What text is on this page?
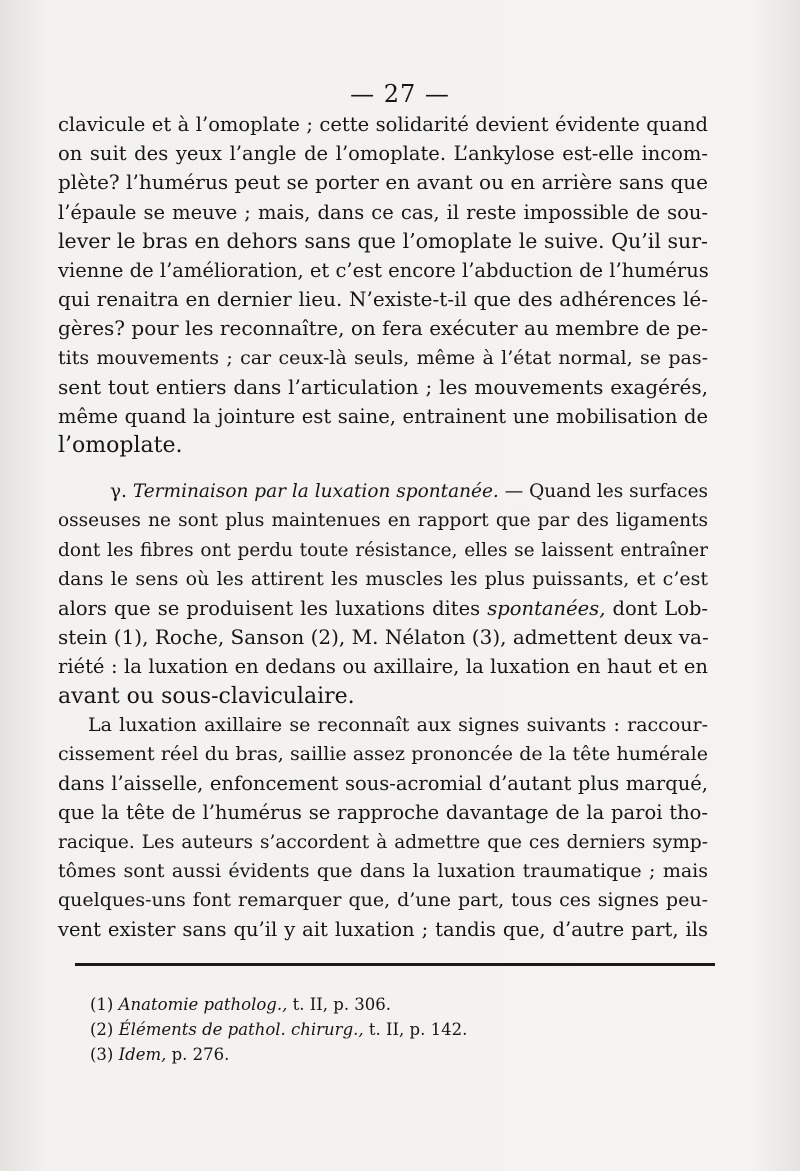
— 27 —
clavicule et à l’omoplate ; cette solidarité devient évidente quand
on suit des yeux l’angle de l’omoplate. L’ankylose est-elle incom-
plète? l’humérus peut se porter en avant ou en arrière sans que
l’épaule se meuve ; mais, dans ce cas, il reste impossible de sou-
lever le bras en dehors sans que l’omoplate le suive. Qu’il sur-
vienne de l’amélioration, et c’est encore l’abduction de l’humérus
qui renaitra en dernier lieu. N’existe-t-il que des adhérences lé-
gères? pour les reconnaître, on fera exécuter au membre de pe-
tits mouvements ; car ceux-là seuls, même à l’état normal, se pas-
sent tout entiers dans l’articulation ; les mouvements exagérés,
même quand la jointure est saine, entrainent une mobilisation de
l’omoplate.
γ. Terminaison par la luxation spontanée. — Quand les surfaces
osseuses ne sont plus maintenues en rapport que par des ligaments
dont les fibres ont perdu toute résistance, elles se laissent entraîner
dans le sens où les attirent les muscles les plus puissants, et c’est
alors que se produisent les luxations dites spontanées, dont Lob-
stein (1), Roche, Sanson (2), M. Nélaton (3), admettent deux va-
riété : la luxation en dedans ou axillaire, la luxation en haut et en
avant ou sous-claviculaire.
La luxation axillaire se reconnaît aux signes suivants : raccour-
cissement réel du bras, saillie assez prononcée de la tête humérale
dans l’aisselle, enfoncement sous-acromial d’autant plus marqué,
que la tête de l’humérus se rapproche davantage de la paroi tho-
racique. Les auteurs s’accordent à admettre que ces derniers symp-
tômes sont aussi évidents que dans la luxation traumatique ; mais
quelques-uns font remarquer que, d’une part, tous ces signes peu-
vent exister sans qu’il y ait luxation ; tandis que, d’autre part, ils
(1) Anatomie patholog., t. II, p. 306.
(2) Éléments de pathol. chirurg., t. II, p. 142.
(3) Idem, p. 276.
